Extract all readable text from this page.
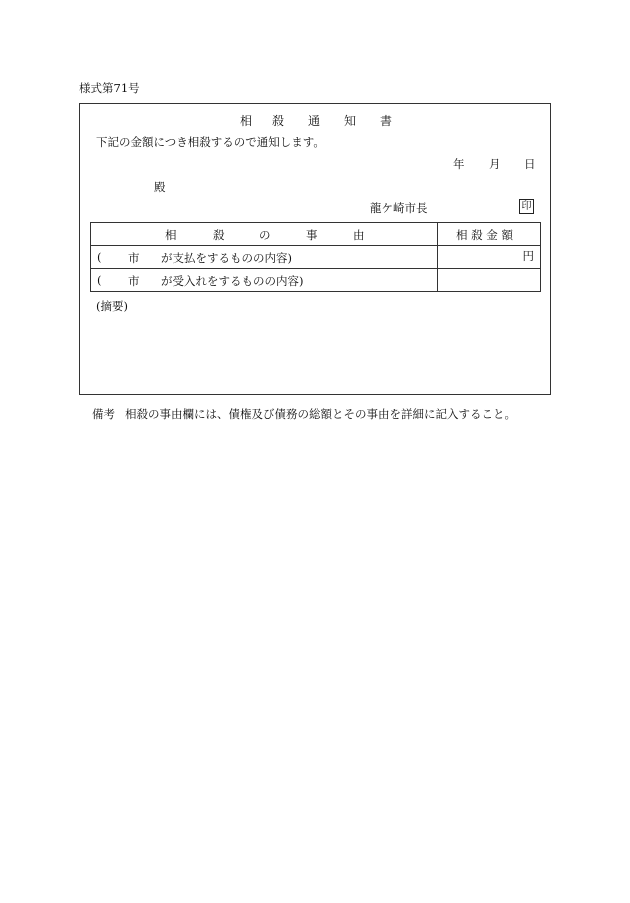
様式第71号
相 殺 通 知 書
下記の金額につき相殺するので通知します。
年 月 日
殿
龍ケ崎市長	印
相 殺 の 事 由	相 殺 金 額

( 市 が支払をするものの内容)	円

( 市 が受入れをするものの内容)	

(摘要)
備考 相殺の事由欄には、債権及び債務の総額とその事由を詳細に記入すること。
